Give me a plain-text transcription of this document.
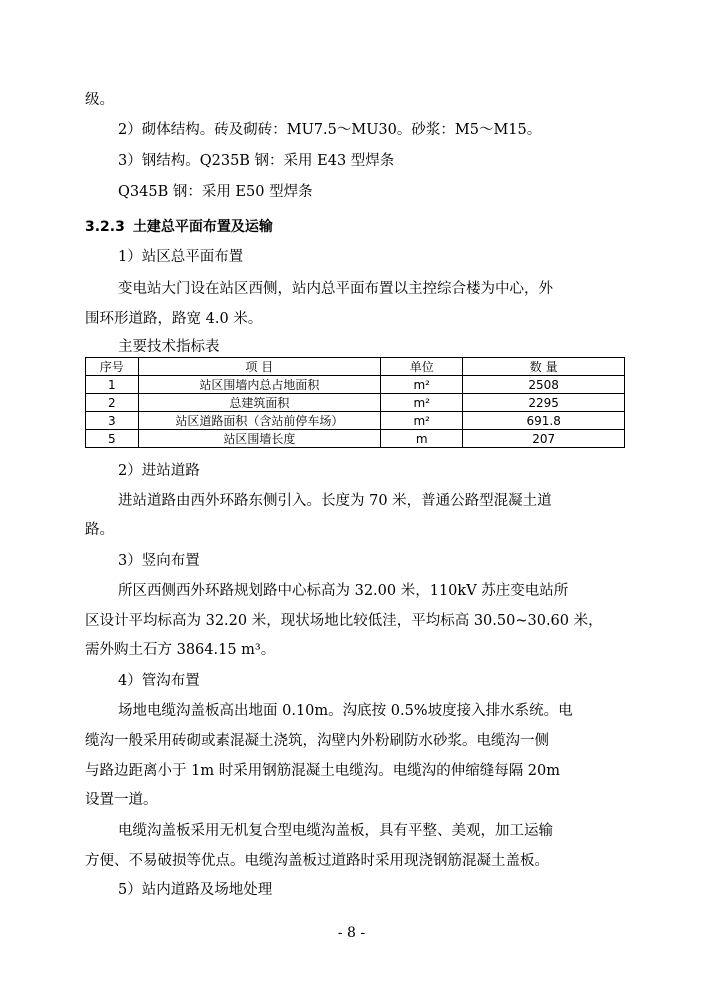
级。
2）砌体结构。砖及砌砖：MU7.5～MU30。砂浆：M5～M15。
3）钢结构。Q235B 钢：采用 E43 型焊条
Q345B 钢：采用 E50 型焊条
3.2.3 土建总平面布置及运输
1）站区总平面布置
变电站大门设在站区西侧，站内总平面布置以主控综合楼为中心，外
围环形道路，路宽 4.0 米。
主要技术指标表
序号	项 目	单位	数 量
1	站区围墙内总占地面积	m²	2508
2	总建筑面积	m²	2295
3	站区道路面积（含站前停车场）	m²	691.8
5	站区围墙长度	m	207
2）进站道路
进站道路由西外环路东侧引入。长度为 70 米，普通公路型混凝土道
路。
3）竖向布置
所区西侧西外环路规划路中心标高为 32.00 米，110kV 苏庄变电站所
区设计平均标高为 32.20 米，现状场地比较低洼，平均标高 30.50~30.60 米，
需外购土石方 3864.15 m³。
4）管沟布置
场地电缆沟盖板高出地面 0.10m。沟底按 0.5%坡度接入排水系统。电
缆沟一般采用砖砌或素混凝土浇筑，沟壁内外粉刷防水砂浆。电缆沟一侧
与路边距离小于 1m 时采用钢筋混凝土电缆沟。电缆沟的伸缩缝每隔 20m
设置一道。
电缆沟盖板采用无机复合型电缆沟盖板，具有平整、美观，加工运输
方便、不易破损等优点。电缆沟盖板过道路时采用现浇钢筋混凝土盖板。
5）站内道路及场地处理
- 8 -
